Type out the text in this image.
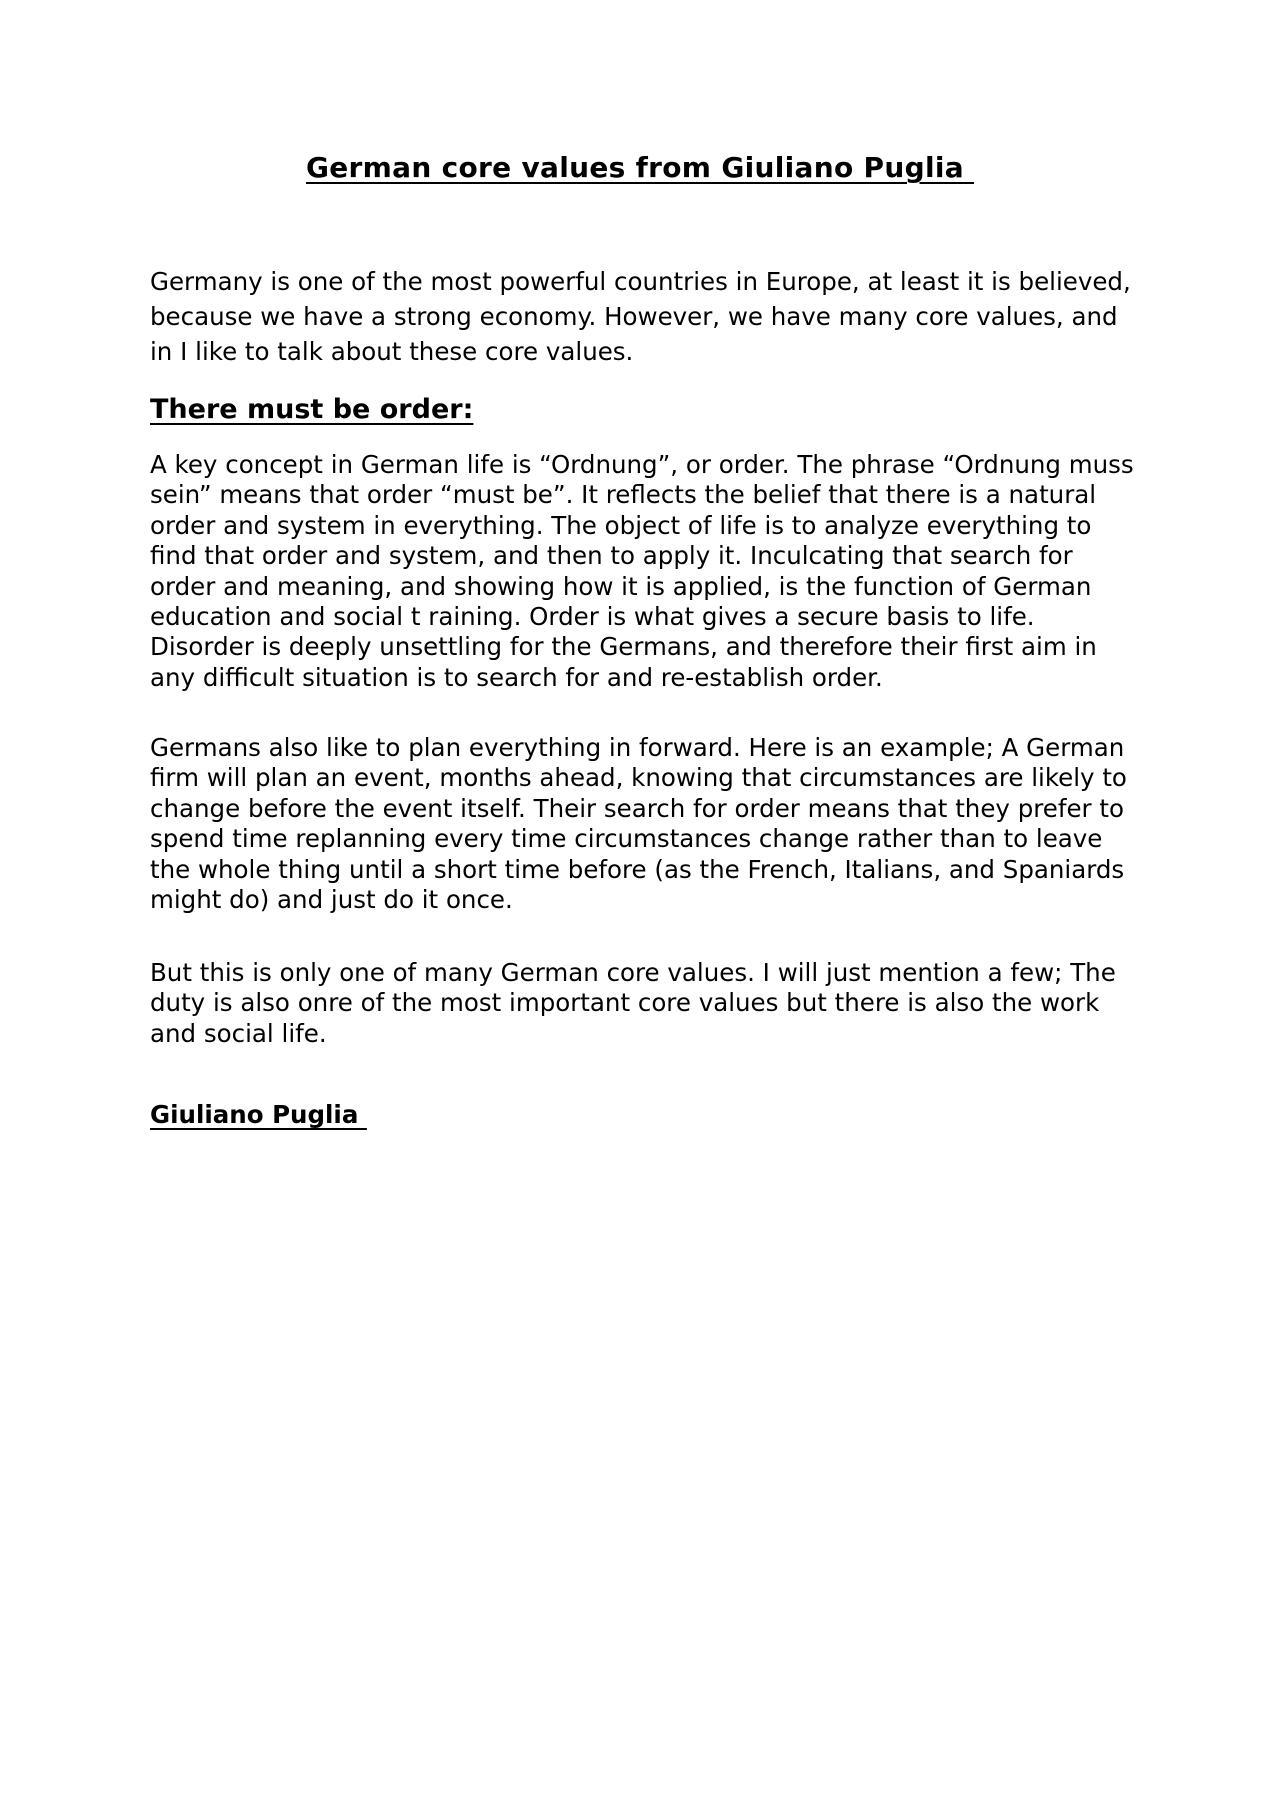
German core values from Giuliano Puglia

Germany is one of the most powerful countries in Europe, at least it is believed, because we have a strong economy. However, we have many core values, and in I like to talk about these core values.

There must be order:

A key concept in German life is “Ordnung”, or order. The phrase “Ordnung muss sein” means that order “must be”. It reflects the belief that there is a natural order and system in everything. The object of life is to analyze everything to find that order and system, and then to apply it. Inculcating that search for order and meaning, and showing how it is applied, is the function of German education and social t raining. Order is what gives a secure basis to life. Disorder is deeply unsettling for the Germans, and therefore their first aim in any difficult situation is to search for and re-establish order.

Germans also like to plan everything in forward. Here is an example; A German firm will plan an event, months ahead, knowing that circumstances are likely to change before the event itself. Their search for order means that they prefer to spend time replanning every time circumstances change rather than to leave the whole thing until a short time before (as the French, Italians, and Spaniards might do) and just do it once.

But this is only one of many German core values. I will just mention a few; The duty is also onre of the most important core values but there is also the work and social life.

Giuliano Puglia
